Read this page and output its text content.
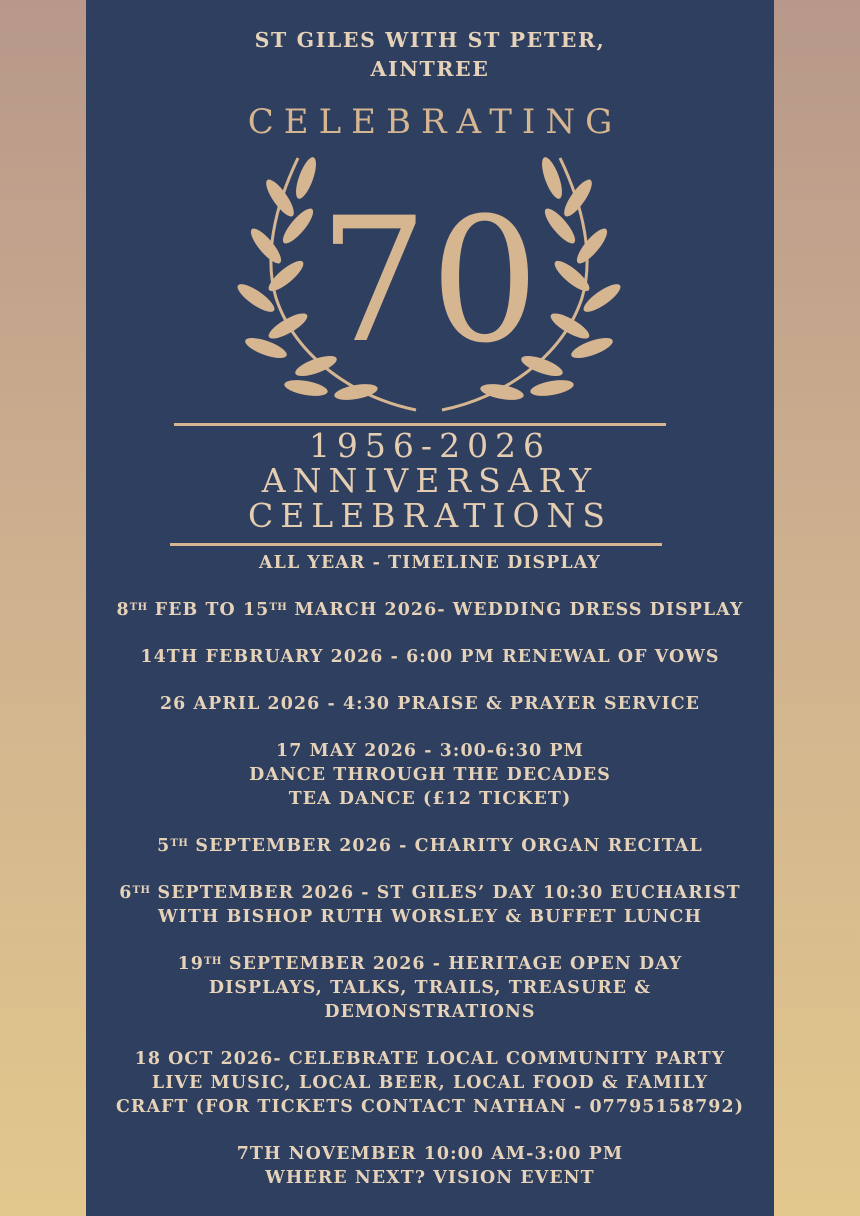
ST GILES WITH ST PETER,
AINTREE
CELEBRATING
70
1956-2026
ANNIVERSARY
CELEBRATIONS
ALL YEAR - TIMELINE DISPLAY
8TH FEB TO 15TH MARCH 2026- WEDDING DRESS DISPLAY
14TH FEBRUARY 2026 - 6:00 PM RENEWAL OF VOWS
26 APRIL 2026 - 4:30 PRAISE & PRAYER SERVICE
17 MAY 2026 - 3:00-6:30 PM
DANCE THROUGH THE DECADES
TEA DANCE (£12 TICKET)
5TH SEPTEMBER 2026 - CHARITY ORGAN RECITAL
6TH SEPTEMBER 2026 - ST GILES’ DAY 10:30 EUCHARIST
WITH BISHOP RUTH WORSLEY & BUFFET LUNCH
19TH SEPTEMBER 2026 - HERITAGE OPEN DAY
DISPLAYS, TALKS, TRAILS, TREASURE &
DEMONSTRATIONS
18 OCT 2026- CELEBRATE LOCAL COMMUNITY PARTY
LIVE MUSIC, LOCAL BEER, LOCAL FOOD & FAMILY
CRAFT (FOR TICKETS CONTACT NATHAN - 07795158792)
7TH NOVEMBER 10:00 AM-3:00 PM
WHERE NEXT? VISION EVENT
